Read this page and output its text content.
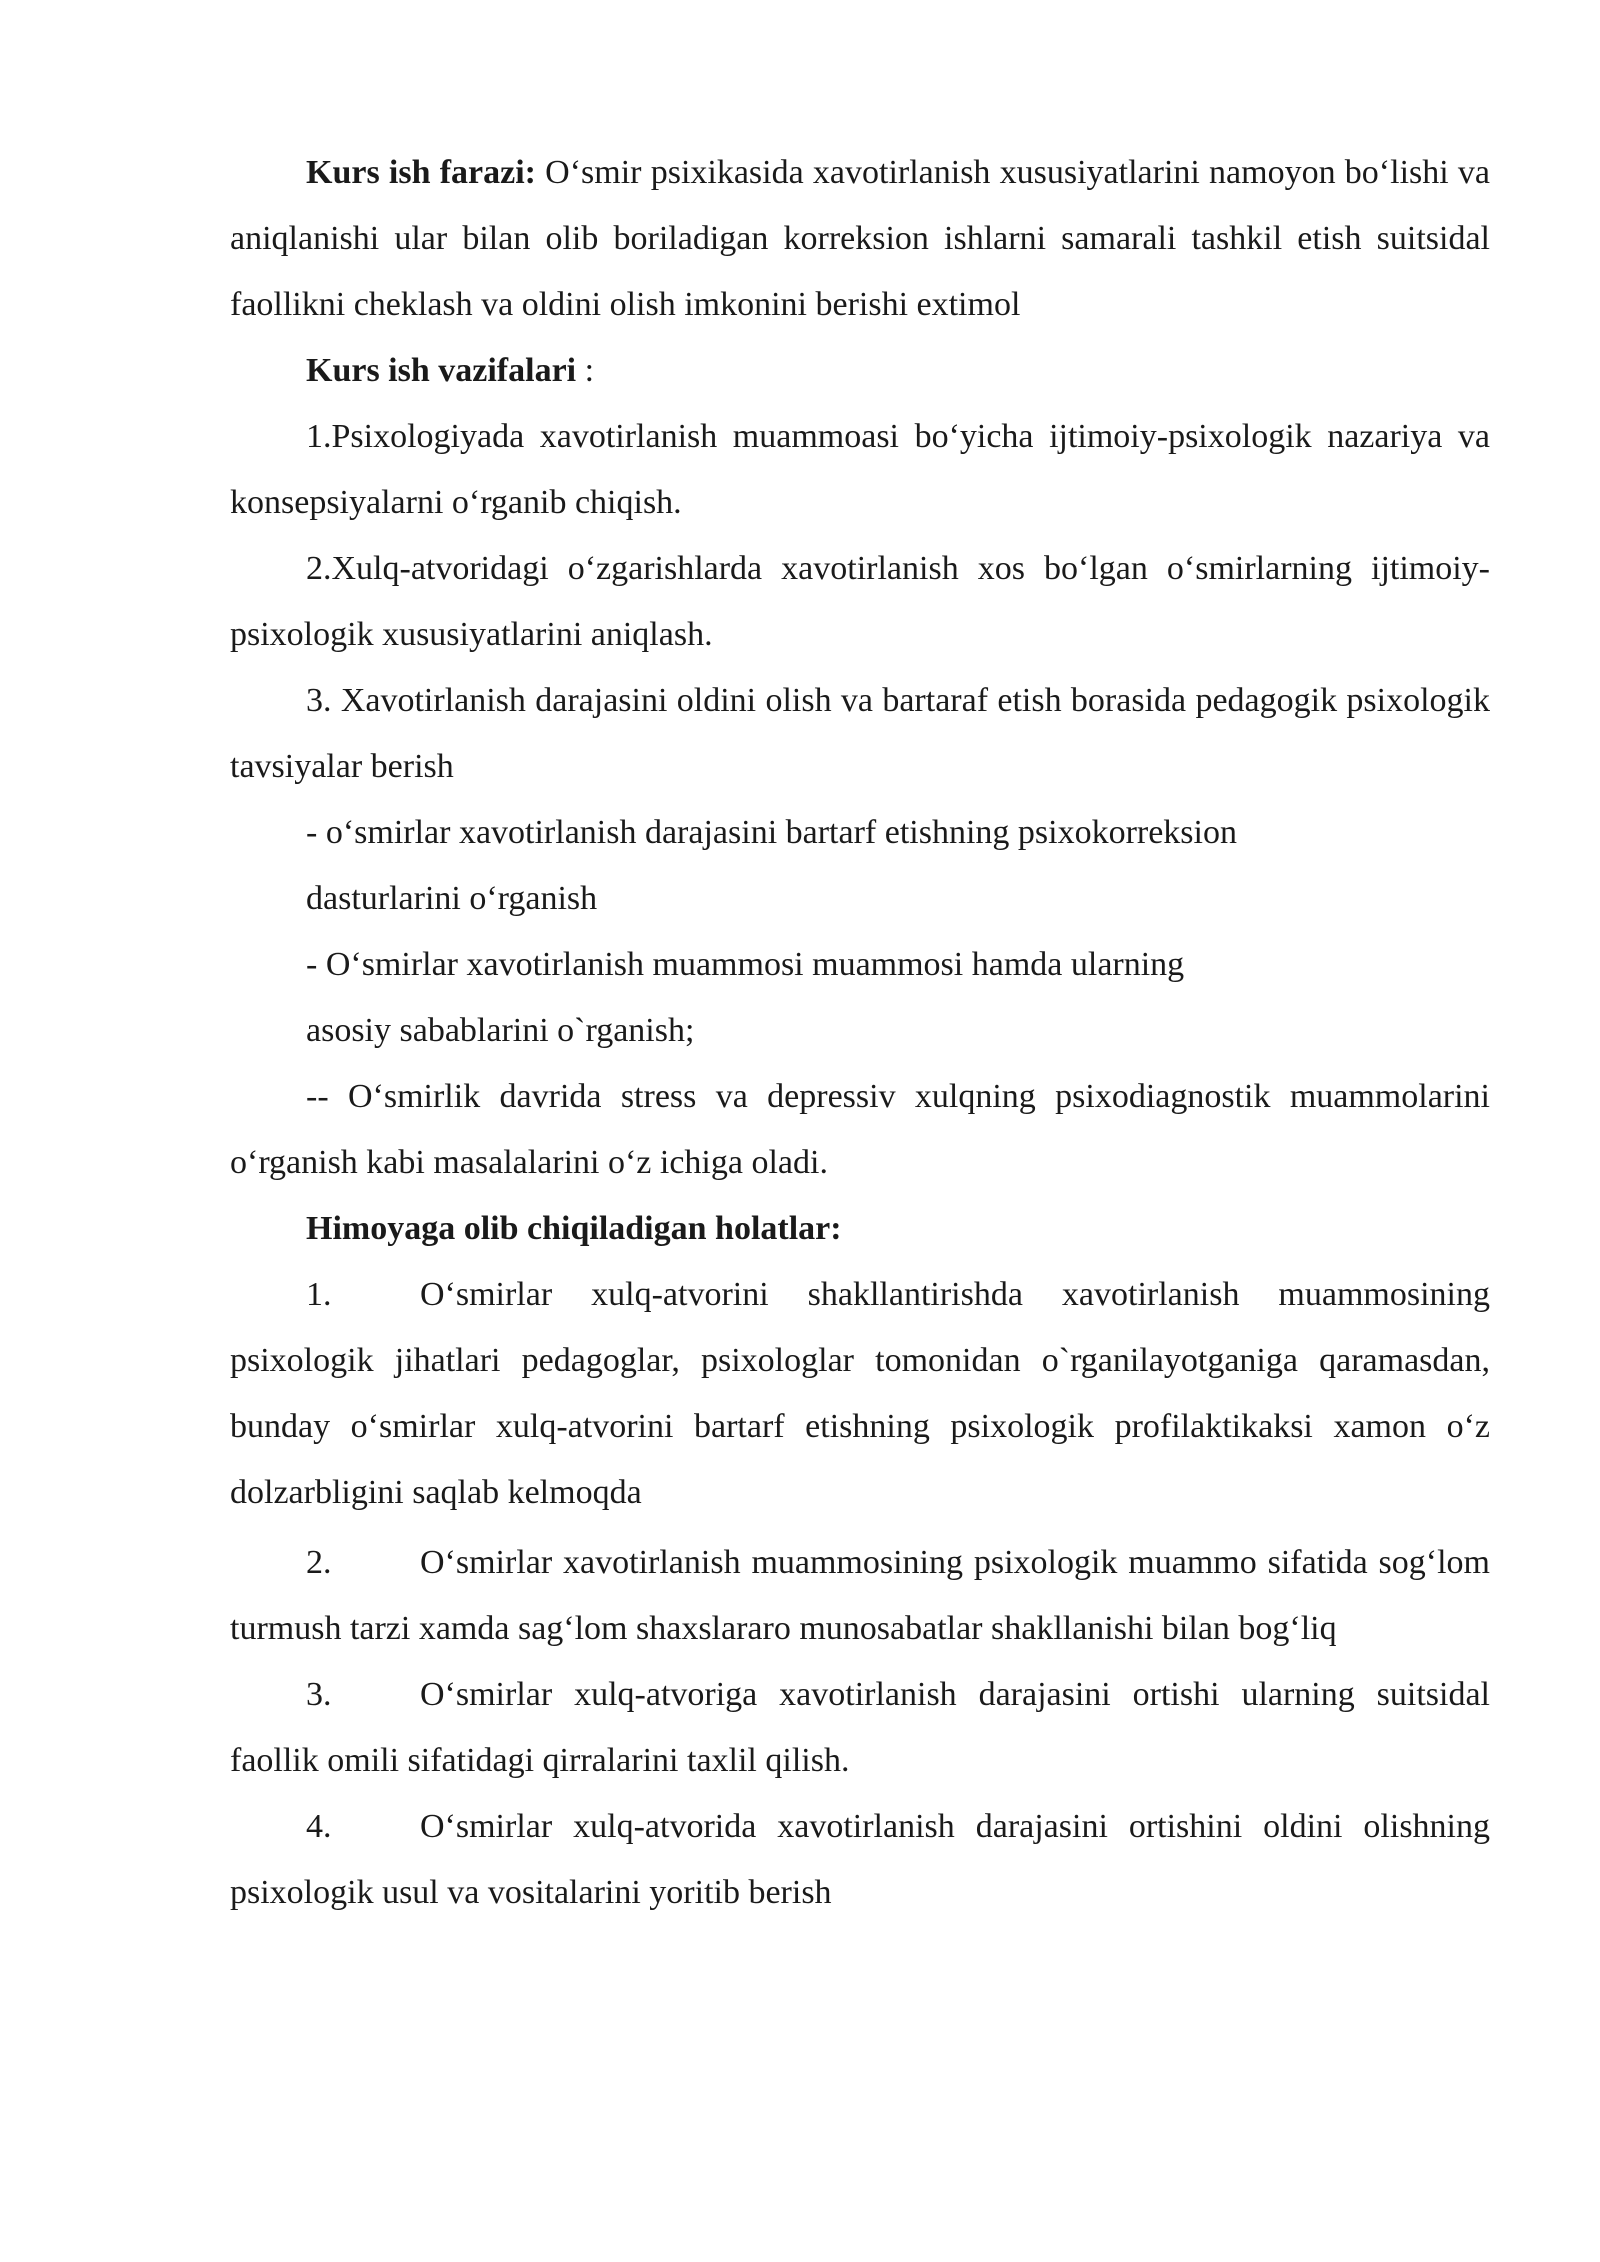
Kurs ish farazi: O‘smir psixikasida xavotirlanish xususiyatlarini namoyon bo‘lishi va aniqlanishi ular bilan olib boriladigan korreksion ishlarni samarali tashkil etish suitsidal faollikni cheklash va oldini olish imkonini berishi extimol

Kurs ish vazifalari :

1.Psixologiyada xavotirlanish muammoasi bo‘yicha ijtimoiy-psixologik nazariya va konsepsiyalarni o‘rganib chiqish.

2.Xulq-atvoridagi o‘zgarishlarda xavotirlanish xos bo‘lgan o‘smirlarning ijtimoiy-psixologik xususiyatlarini aniqlash.

3. Xavotirlanish darajasini oldini olish va bartaraf etish borasida pedagogik psixologik tavsiyalar berish

- o‘smirlar xavotirlanish darajasini bartarf etishning psixokorreksion
dasturlarini o‘rganish

- O‘smirlar xavotirlanish muammosi muammosi hamda ularning
asosiy sabablarini o`rganish;

-- O‘smirlik davrida stress va depressiv xulqning psixodiagnostik muammolarini o‘rganish kabi masalalarini o‘z ichiga oladi.

Himoyaga olib chiqiladigan holatlar:

1.	O‘smirlar xulq-atvorini shakllantirishda xavotirlanish muammosining psixologik jihatlari pedagoglar, psixologlar tomonidan o`rganilayotganiga qaramasdan, bunday o‘smirlar xulq-atvorini bartarf etishning psixologik profilaktikaksi xamon o‘z dolzarbligini saqlab kelmoqda

2.	O‘smirlar xavotirlanish muammosining psixologik muammo sifatida sog‘lom turmush tarzi xamda sag‘lom shaxslararo munosabatlar shakllanishi bilan bog‘liq

3.	O‘smirlar xulq-atvoriga xavotirlanish darajasini ortishi ularning suitsidal faollik omili sifatidagi qirralarini taxlil qilish.

4.	O‘smirlar xulq-atvorida xavotirlanish darajasini ortishini oldini olishning psixologik usul va vositalarini yoritib berish
